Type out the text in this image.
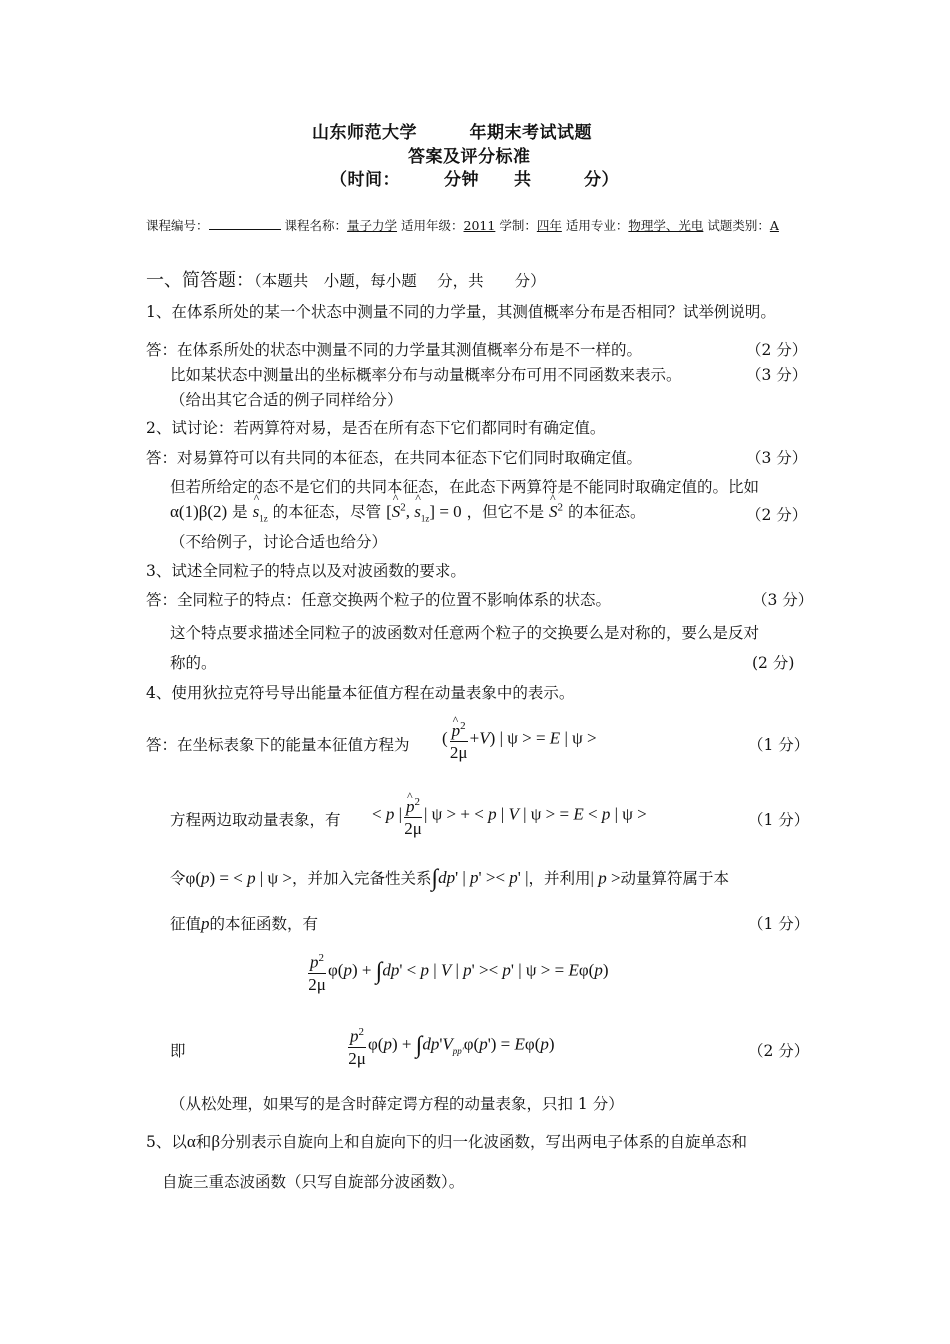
山东师范大学　　　年期末考试试题
答案及评分标准
（时间：　　　分钟　　共　　　分）
课程编号：	课程名称：量子力学 适用年级：2011 学制：四年 适用专业：物理学、光电 试题类别：A
一、简答题：（本题共　小题，每小题　 分，共　　分）
1、在体系所处的某一个状态中测量不同的力学量，其测值概率分布是否相同？试举例说明。
答：在体系所处的状态中测量不同的力学量其测值概率分布是不一样的。	（2 分）
比如某状态中测量出的坐标概率分布与动量概率分布可用不同函数来表示。	（3 分）
（给出其它合适的例子同样给分）
2、试讨论：若两算符对易，是否在所有态下它们都同时有确定值。
答：对易算符可以有共同的本征态，在共同本征态下它们同时取确定值。	（3 分）
但若所给定的态不是它们的共同本征态，在此态下两算符是不能同时取确定值的。比如
α(1)β(2) 是 ^ $s_{1z}$ 的本征态，尽管 [^ $S^2$, ^ $s_{1z}] = 0$ ，但它不是 ^ $S^2$ 的本征态。	（2 分）
（不给例子，讨论合适也给分）
3、试述全同粒子的特点以及对波函数的要求。
答：全同粒子的特点：任意交换两个粒子的位置不影响体系的状态。	（3 分）
这个特点要求描述全同粒子的波函数对任意两个粒子的交换要么是对称的，要么是反对
称的。	(2 分)
4、使用狄拉克符号导出能量本征值方程在动量表象中的表示。
答：在坐标表象下的能量本征值方程为 ( ^ $\frac{p^2}{2\mu} +V$) | ψ > = E | ψ >	（1 分）
方程两边取动量表象，有 < p | ^ $\frac{p^2}{2\mu}$ | ψ > + < p | V | ψ > = E < p | ψ >	（1 分）
令φ(p) = < p | ψ >，并加入完备性关系∫dp' | p' >< p' |，并利用| p >动量算符属于本
征值p的本征函数，有	（1 分）
$\frac{p^2}{2\mu} \varphi(p) + \int dp' < p$ | V | p' >< p' | ψ > = Eφ(p)
即	$\frac{p^2}{2\mu} \varphi(p) + \int dp'V_{pp'}\varphi(p') = E\varphi(p)$	（2 分）
（从松处理，如果写的是含时薛定谔方程的动量表象，只扣 1 分）
5、以α和β分别表示自旋向上和自旋向下的归一化波函数，写出两电子体系的自旋单态和
自旋三重态波函数（只写自旋部分波函数）。
